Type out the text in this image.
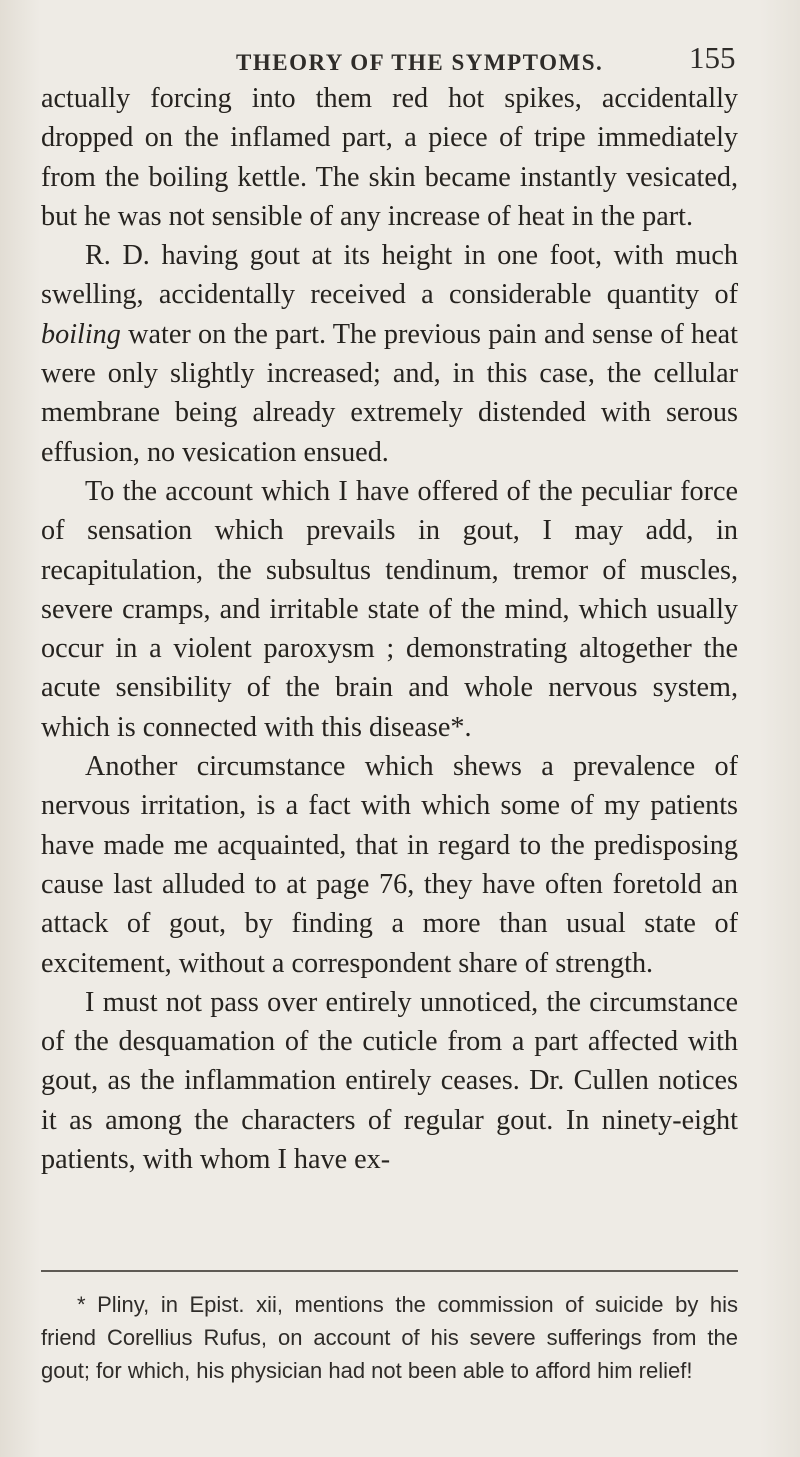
THEORY OF THE SYMPTOMS.	155

actually forcing into them red hot spikes, accidentally dropped on the inflamed part, a piece of tripe immediately from the boiling kettle. The skin became instantly vesicated, but he was not sensible of any increase of heat in the part.

R. D. having gout at its height in one foot, with much swelling, accidentally received a considerable quantity of boiling water on the part. The previous pain and sense of heat were only slightly increased; and, in this case, the cellular membrane being already extremely distended with serous effusion, no vesication ensued.

To the account which I have offered of the peculiar force of sensation which prevails in gout, I may add, in recapitulation, the subsultus tendinum, tremor of muscles, severe cramps, and irritable state of the mind, which usually occur in a violent paroxysm ; demonstrating altogether the acute sensibility of the brain and whole nervous system, which is connected with this disease*.

Another circumstance which shews a prevalence of nervous irritation, is a fact with which some of my patients have made me acquainted, that in regard to the predisposing cause last alluded to at page 76, they have often foretold an attack of gout, by finding a more than usual state of excitement, without a correspondent share of strength.

I must not pass over entirely unnoticed, the circumstance of the desquamation of the cuticle from a part affected with gout, as the inflammation entirely ceases. Dr. Cullen notices it as among the characters of regular gout. In ninety-eight patients, with whom I have ex-

* Pliny, in Epist. xii, mentions the commission of suicide by his friend Corellius Rufus, on account of his severe sufferings from the gout; for which, his physician had not been able to afford him relief!
